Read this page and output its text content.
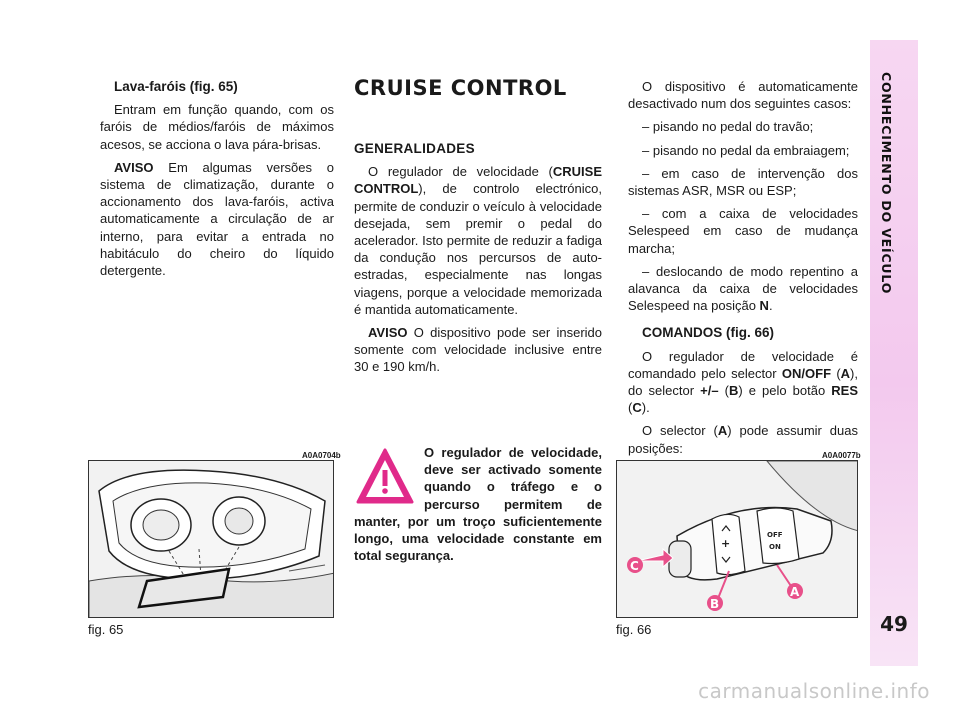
CONHECIMENTO DO VEÍCULO
49

Lava-faróis (fig. 65)

Entram em função quando, com os faróis de médios/faróis de máximos acesos, se acciona o lava pára-brisas.

AVISO Em algumas versões o sistema de climatização, durante o accionamento dos lava-faróis, activa automaticamente a circulação de ar interno, para evitar a entrada no habitáculo do cheiro do líquido detergente.

A0A0704b
fig. 65
CRUISE CONTROL

GENERALIDADES

O regulador de velocidade (CRUISE CONTROL), de controlo electrónico, permite de conduzir o veículo à velocidade desejada, sem premir o pedal do acelerador. Isto permite de reduzir a fadiga da condução nos percursos de auto-estradas, especialmente nas longas viagens, porque a velocidade memorizada é mantida automaticamente.

AVISO O dispositivo pode ser inserido somente com velocidade inclusive entre 30 e 190 km/h.

O regulador de velocidade, deve ser activado somente quando o tráfego e o percurso permitem de manter, por um troço suficientemente longo, uma velocidade constante em total segurança.

O dispositivo é automaticamente desactivado num dos seguintes casos:

– pisando no pedal do travão;

– pisando no pedal da embraiagem;

– em caso de intervenção dos sistemas ASR, MSR ou ESP;

– com a caixa de velocidades Selespeed em caso de mudança marcha;

– deslocando de modo repentino a alavanca da caixa de velocidades Selespeed na posição N.

COMANDOS (fig. 66)

O regulador de velocidade é comandado pelo selector ON/OFF (A), do selector +/– (B) e pelo botão RES (C).

O selector (A) pode assumir duas posições:	A0A0077b
+
OFF
ON
C
B
A
fig. 66
carmanualsonline.info
